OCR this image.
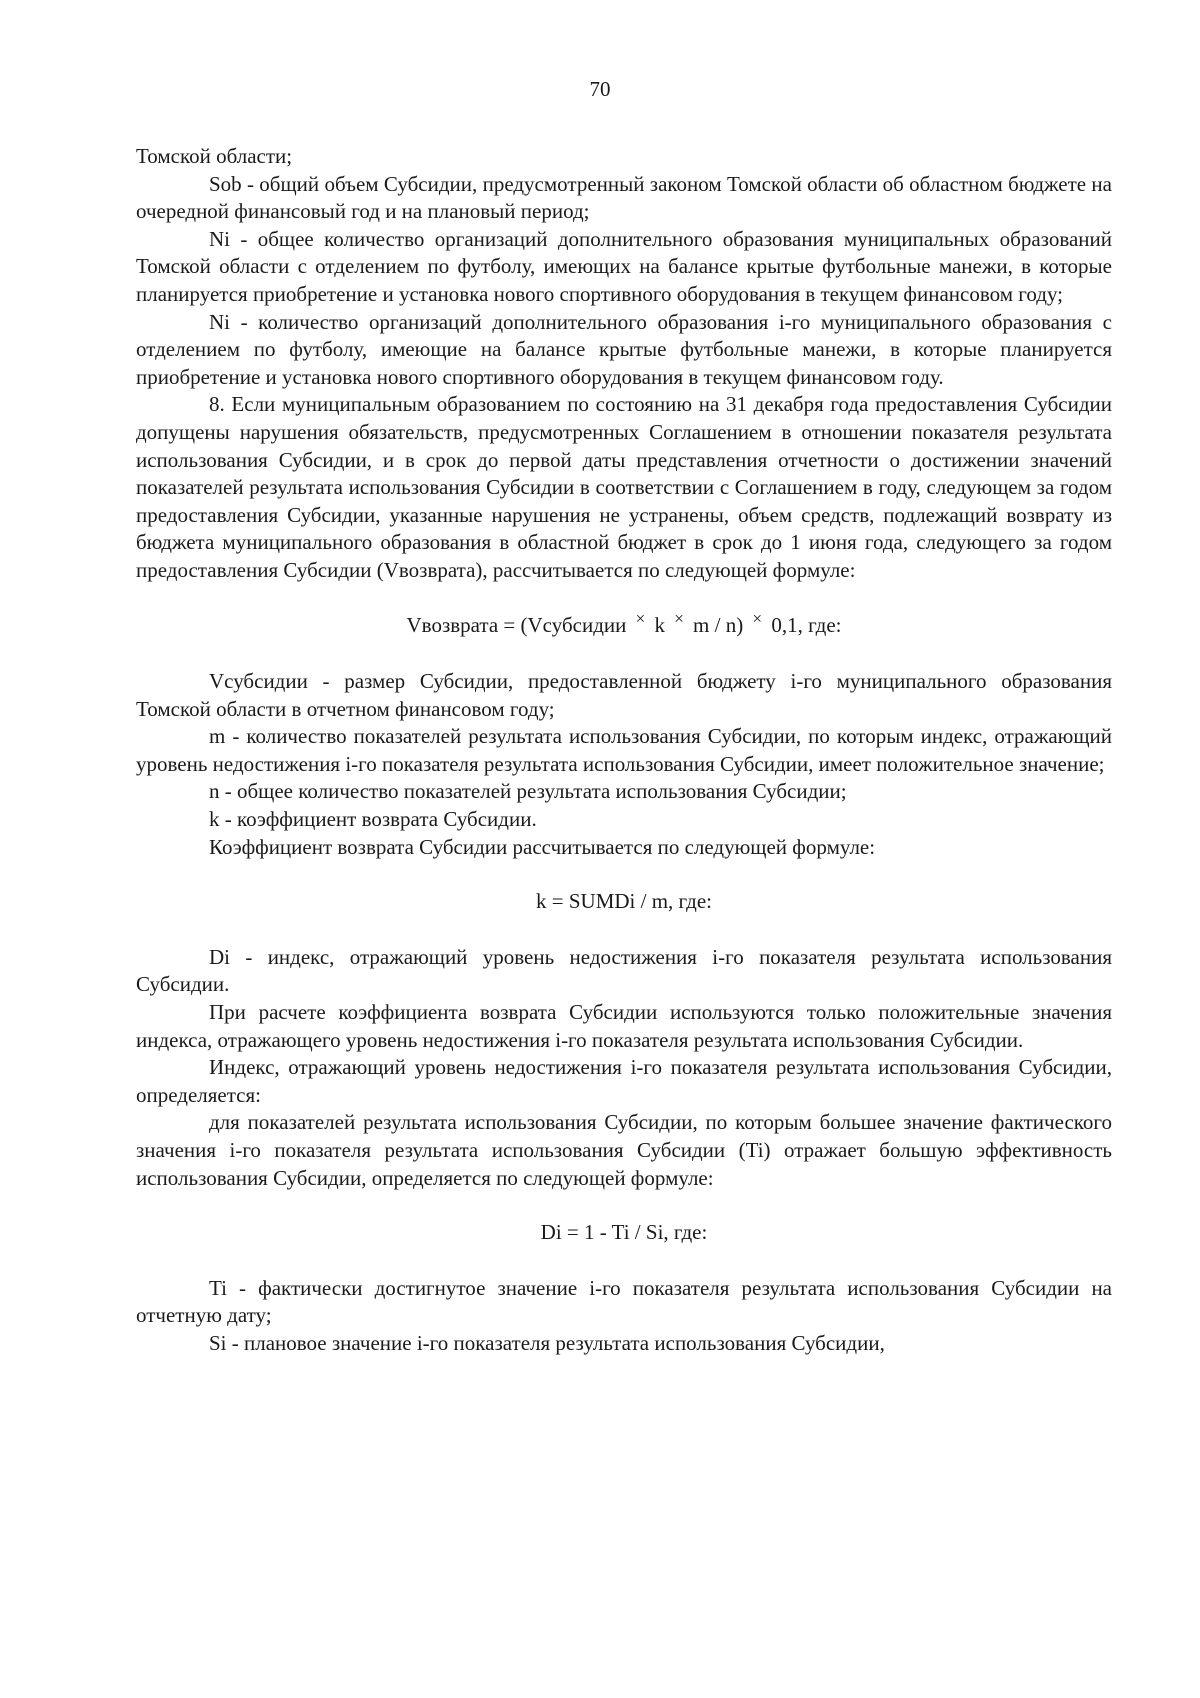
70

Томской области;

Sob - общий объем Субсидии, предусмотренный законом Томской области об областном бюджете на очередной финансовый год и на плановый период;

Ni - общее количество организаций дополнительного образования муниципальных образований Томской области с отделением по футболу, имеющих на балансе крытые футбольные манежи, в которые планируется приобретение и установка нового спортивного оборудования в текущем финансовом году;

Ni - количество организаций дополнительного образования i-го муниципального образования с отделением по футболу, имеющие на балансе крытые футбольные манежи, в которые планируется приобретение и установка нового спортивного оборудования в текущем финансовом году.

8. Если муниципальным образованием по состоянию на 31 декабря года предоставления Субсидии допущены нарушения обязательств, предусмотренных Соглашением в отношении показателя результата использования Субсидии, и в срок до первой даты представления отчетности о достижении значений показателей результата использования Субсидии в соответствии с Соглашением в году, следующем за годом предоставления Субсидии, указанные нарушения не устранены, объем средств, подлежащий возврату из бюджета муниципального образования в областной бюджет в срок до 1 июня года, следующего за годом предоставления Субсидии (Vвозврата), рассчитывается по следующей формуле:

Vвозврата = (Vсубсидии × k × m / n) × 0,1, где:

Vсубсидии - размер Субсидии, предоставленной бюджету i-го муниципального образования Томской области в отчетном финансовом году;

m - количество показателей результата использования Субсидии, по которым индекс, отражающий уровень недостижения i-го показателя результата использования Субсидии, имеет положительное значение;

n - общее количество показателей результата использования Субсидии;

k - коэффициент возврата Субсидии.

Коэффициент возврата Субсидии рассчитывается по следующей формуле:

k = SUMDi / m, где:

Di - индекс, отражающий уровень недостижения i-го показателя результата использования Субсидии.

При расчете коэффициента возврата Субсидии используются только положительные значения индекса, отражающего уровень недостижения i-го показателя результата использования Субсидии.

Индекс, отражающий уровень недостижения i-го показателя результата использования Субсидии, определяется:

для показателей результата использования Субсидии, по которым большее значение фактического значения i-го показателя результата использования Субсидии (Ti) отражает большую эффективность использования Субсидии, определяется по следующей формуле:

Di = 1 - Ti / Si, где:

Ti - фактически достигнутое значение i-го показателя результата использования Субсидии на отчетную дату;

Si - плановое значение i-го показателя результата использования Субсидии,
